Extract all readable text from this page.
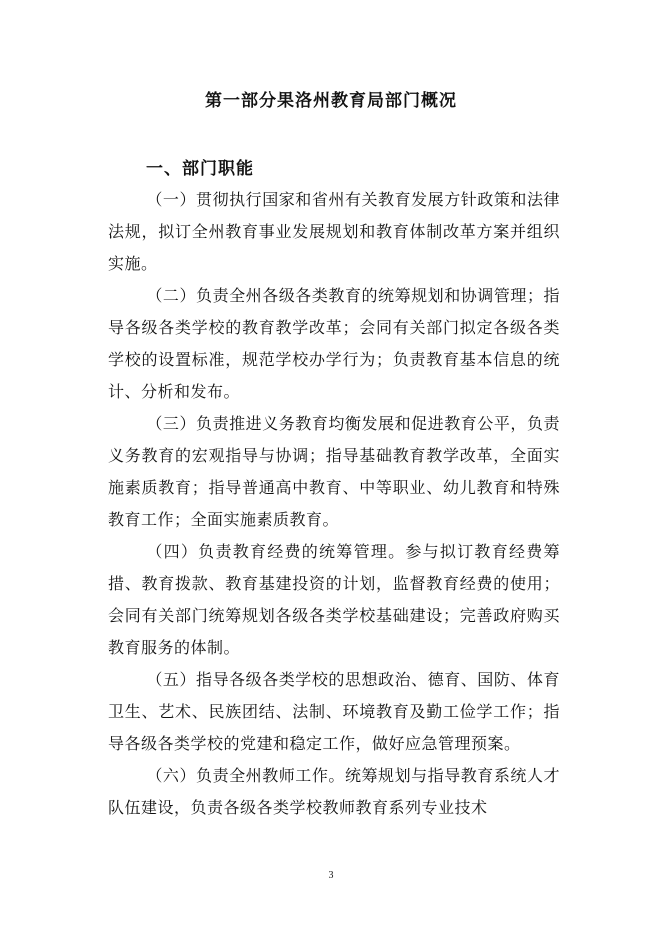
第一部分果洛州教育局部门概况
一、部门职能

（一）贯彻执行国家和省州有关教育发展方针政策和法律法规，拟订全州教育事业发展规划和教育体制改革方案并组织实施。

（二）负责全州各级各类教育的统筹规划和协调管理；指导各级各类学校的教育教学改革；会同有关部门拟定各级各类学校的设置标准，规范学校办学行为；负责教育基本信息的统计、分析和发布。

（三）负责推进义务教育均衡发展和促进教育公平，负责义务教育的宏观指导与协调；指导基础教育教学改革，全面实施素质教育；指导普通高中教育、中等职业、幼儿教育和特殊教育工作；全面实施素质教育。

（四）负责教育经费的统筹管理。参与拟订教育经费筹措、教育拨款、教育基建投资的计划，监督教育经费的使用；会同有关部门统筹规划各级各类学校基础建设；完善政府购买教育服务的体制。

（五）指导各级各类学校的思想政治、德育、国防、体育卫生、艺术、民族团结、法制、环境教育及勤工俭学工作；指导各级各类学校的党建和稳定工作，做好应急管理预案。

（六）负责全州教师工作。统筹规划与指导教育系统人才队伍建设，负责各级各类学校教师教育系列专业技术

3
